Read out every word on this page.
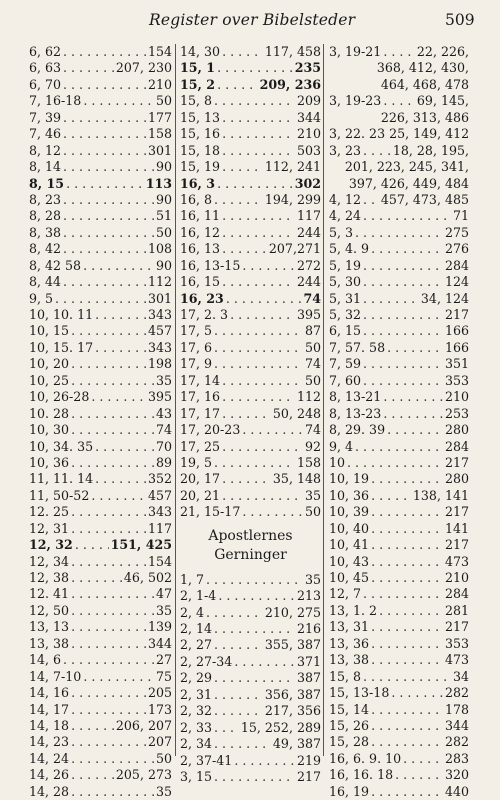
Register over Bibelsteder	509
6, 62 . . .	154
6, 63 . . .	207, 230
6, 70 . . .	210
7, 16-18 . . .	50
7, 39 . . .	177
7, 46 . . .	158
8, 12 . . .	301
8, 14 . . .	90
8, 15 . . .	113
8, 23 . . .	90
8, 28 . . .	51
8, 38 . . .	50
8, 42 . . .	108
8, 42 58 . . .	90
8, 44 . . .	112
9, 5 . . .	301
10, 10. 11 . . .	343
10, 15 . . .	457
10, 15. 17 . . .	343
10, 20 . . .	198
10, 25 . . .	35
10, 26-28 . . .	395
10. 28 . . .	43
10, 30 . . .	74
10, 34. 35 . . .	70
10, 36 . . .	89
11, 11. 14 . . .	352
11, 50-52 . . .	457
12. 25 . . .	343
12, 31 . . .	117
12, 32 . . .	151, 425
12, 34 . . .	154
12, 38 . . .	46, 502
12. 41 . . .	47
12, 50 . . .	35
13, 13 . . .	139
13, 38 . . .	344
14, 6 . . .	27
14, 7-10 . . .	75
14, 16 . . .	205
14, 17 . . .	173
14, 18 . . .	206, 207
14, 23 . . .	207
14, 24 . . .	50
14, 26 . . .	205, 273
14, 28 . . .	35
14, 30 . . .	117, 458
15, 1 . . .	235
15, 2 . . .	209, 236
15, 8 . . .	209
15, 13 . . .	344
15, 16 . . .	210
15, 18 . . .	503
15, 19 . . .	112, 241
16, 3 . . .	302
16, 8 . . .	194, 299
16, 11 . . .	117
16, 12 . . .	244
16, 13 . . .	207,271
16, 13-15 . . .	272
16, 15 . . .	244
16, 23 . . .	74
17, 2. 3 . . .	395
17, 5 . . .	87
17, 6 . . .	50
17, 9 . . .	74
17, 14 . . .	50
17, 16 . . .	112
17, 17 . . .	50, 248
17, 20-23 . . .	74
17, 25 . . .	92
19, 5 . . .	158
20, 17 . . .	35, 148
20, 21 . . .	35
21, 15-17 . . .	50
Apostlernes
Gerninger
1, 7 . . .	35
2, 1-4 . . .	213
2, 4 . . .	210, 275
2, 14 . . .	216
2, 27 . . .	355, 387
2, 27-34 . . .	371
2, 29 . . .	387
2, 31 . . .	356, 387
2, 32 . . .	217, 356
2, 33 . . . 15, 252, 289
2, 34 . . .	49, 387
2, 37-41 . . .	219
3, 15 . . .	217
3, 19-21 . . .	22, 226,
368, 412, 430,
464, 468, 478
3, 19-23 . . .	69, 145,
226, 313, 486
3, 22. 23 25, 149, 412
3, 23 . . .	18, 28, 195,
201, 223, 245, 341,
397, 426, 449, 484
4, 12 . . . 457, 473, 485
4, 24 . . .	71
5, 3 . . .	275
5, 4. 9 . . .	276
5, 19 . . .	284
5, 30 . . .	124
5, 31 . . .	34, 124
5, 32 . . .	217
6, 15 . . .	166
7, 57. 58 . . .	166
7, 59 . . .	351
7, 60 . . .	353
8, 13-21 . . .	210
8, 13-23 . . .	253
8, 29. 39 . . .	280
9, 4 . . .	284
10 . . .	217
10, 19 . . .	280
10, 36 . . .	138, 141
10, 39 . . .	217
10, 40 . . .	141
10, 41 . . .	217
10, 43 . . .	473
10, 45 . . .	210
12, 7 . . .	284
13, 1. 2 . . .	281
13, 31 . . .	217
13, 36 . . .	353
13, 38 . . .	473
15, 8 . . .	34
15, 13-18 . . .	282
15, 14 . . .	178
15, 26 . . .	344
15, 28 . . .	282
16, 6. 9. 10 . . .	283
16, 16. 18 . . .	320
16, 19 . . .	440
